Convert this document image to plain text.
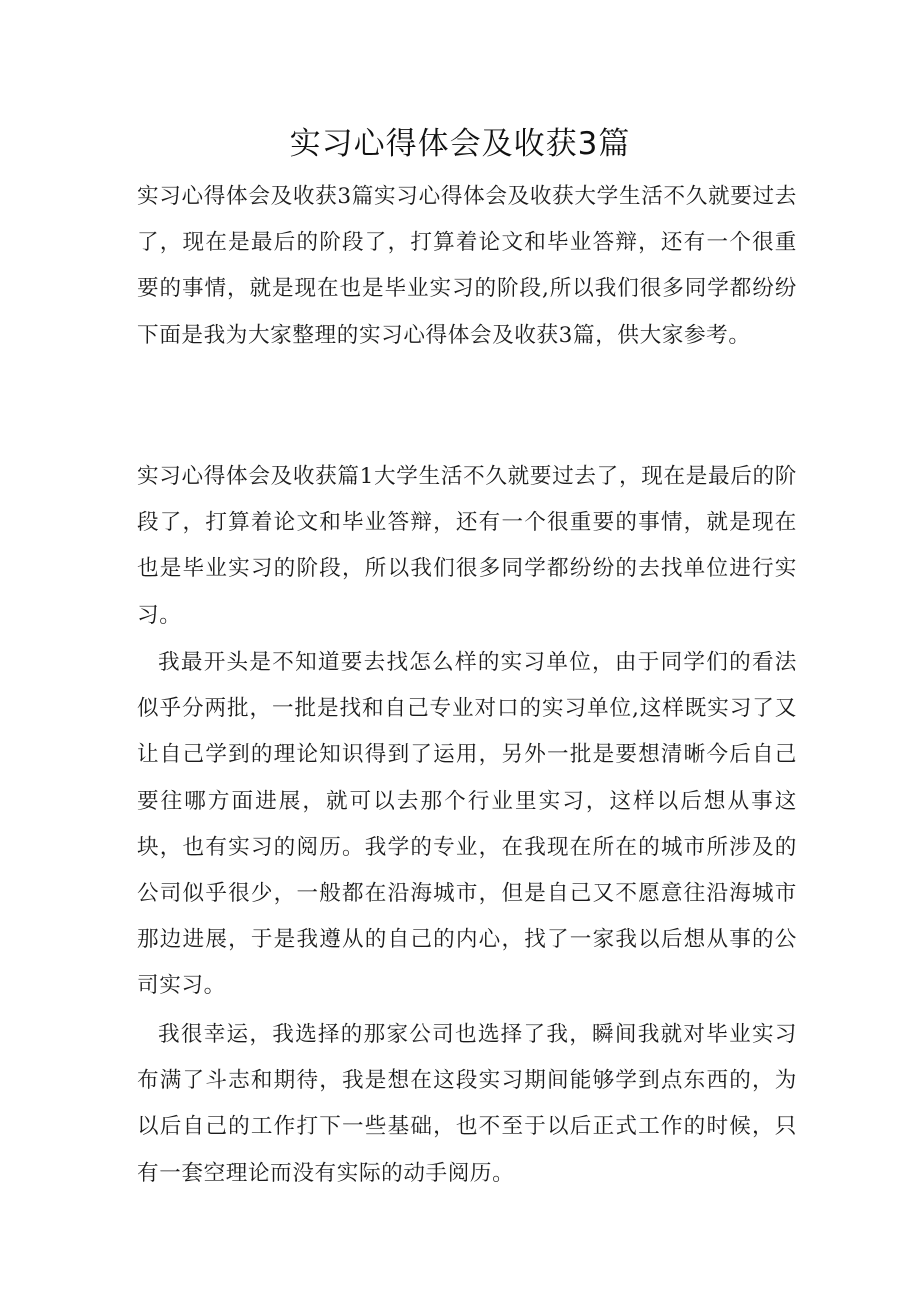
实习心得体会及收获3篇

实习心得体会及收获3篇实习心得体会及收获大学生活不久就要过去了，现在是最后的阶段了，打算着论文和毕业答辩，还有一个很重要的事情，就是现在也是毕业实习的阶段,所以我们很多同学都纷纷下面是我为大家整理的实习心得体会及收获3篇，供大家参考。

实习心得体会及收获篇1大学生活不久就要过去了，现在是最后的阶段了，打算着论文和毕业答辩，还有一个很重要的事情，就是现在也是毕业实习的阶段，所以我们很多同学都纷纷的去找单位进行实习。

我最开头是不知道要去找怎么样的实习单位，由于同学们的看法似乎分两批，一批是找和自己专业对口的实习单位,这样既实习了又让自己学到的理论知识得到了运用，另外一批是要想清晰今后自己要往哪方面进展，就可以去那个行业里实习，这样以后想从事这块，也有实习的阅历。我学的专业，在我现在所在的城市所涉及的公司似乎很少，一般都在沿海城市，但是自己又不愿意往沿海城市那边进展，于是我遵从的自己的内心，找了一家我以后想从事的公司实习。

我很幸运，我选择的那家公司也选择了我，瞬间我就对毕业实习布满了斗志和期待，我是想在这段实习期间能够学到点东西的，为以后自己的工作打下一些基础，也不至于以后正式工作的时候，只有一套空理论而没有实际的动手阅历。
